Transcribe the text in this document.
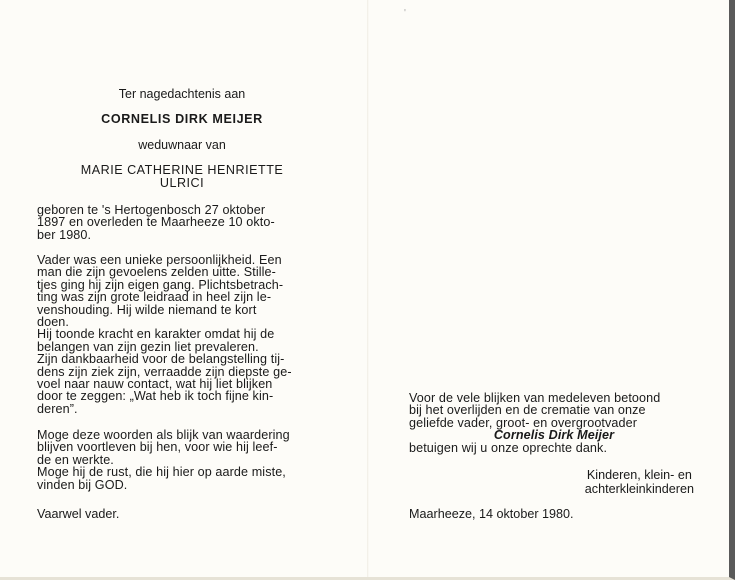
Ter nagedachtenis aan
CORNELIS DIRK MEIJER
weduwnaar van
MARIE CATHERINE HENRIETTE
ULRICI
geboren te 's Hertogenbosch 27 oktober
1897 en overleden te Maarheeze 10 okto-
ber 1980.
Vader was een unieke persoonlijkheid. Een
man die zijn gevoelens zelden uitte. Stille-
tjes ging hij zijn eigen gang. Plichtsbetrach-
ting was zijn grote leidraad in heel zijn le-
venshouding. Hij wilde niemand te kort
doen.
Hij toonde kracht en karakter omdat hij de
belangen van zijn gezin liet prevaleren.
Zijn dankbaarheid voor de belangstelling tij-
dens zijn ziek zijn, verraadde zijn diepste ge-
voel naar nauw contact, wat hij liet blijken
door te zeggen: „Wat heb ik toch fijne kin-
deren”.
Moge deze woorden als blijk van waardering
blijven voortleven bij hen, voor wie hij leef-
de en werkte.
Moge hij de rust, die hij hier op aarde miste,
vinden bij GOD.
Vaarwel vader.
'
Voor de vele blijken van medeleven betoond
bij het overlijden en de crematie van onze
geliefde vader, groot- en overgrootvader
Cornelis Dirk Meijer
betuigen wij u onze oprechte dank.
Kinderen, klein- en
achterkleinkinderen
Maarheeze, 14 oktober 1980.
